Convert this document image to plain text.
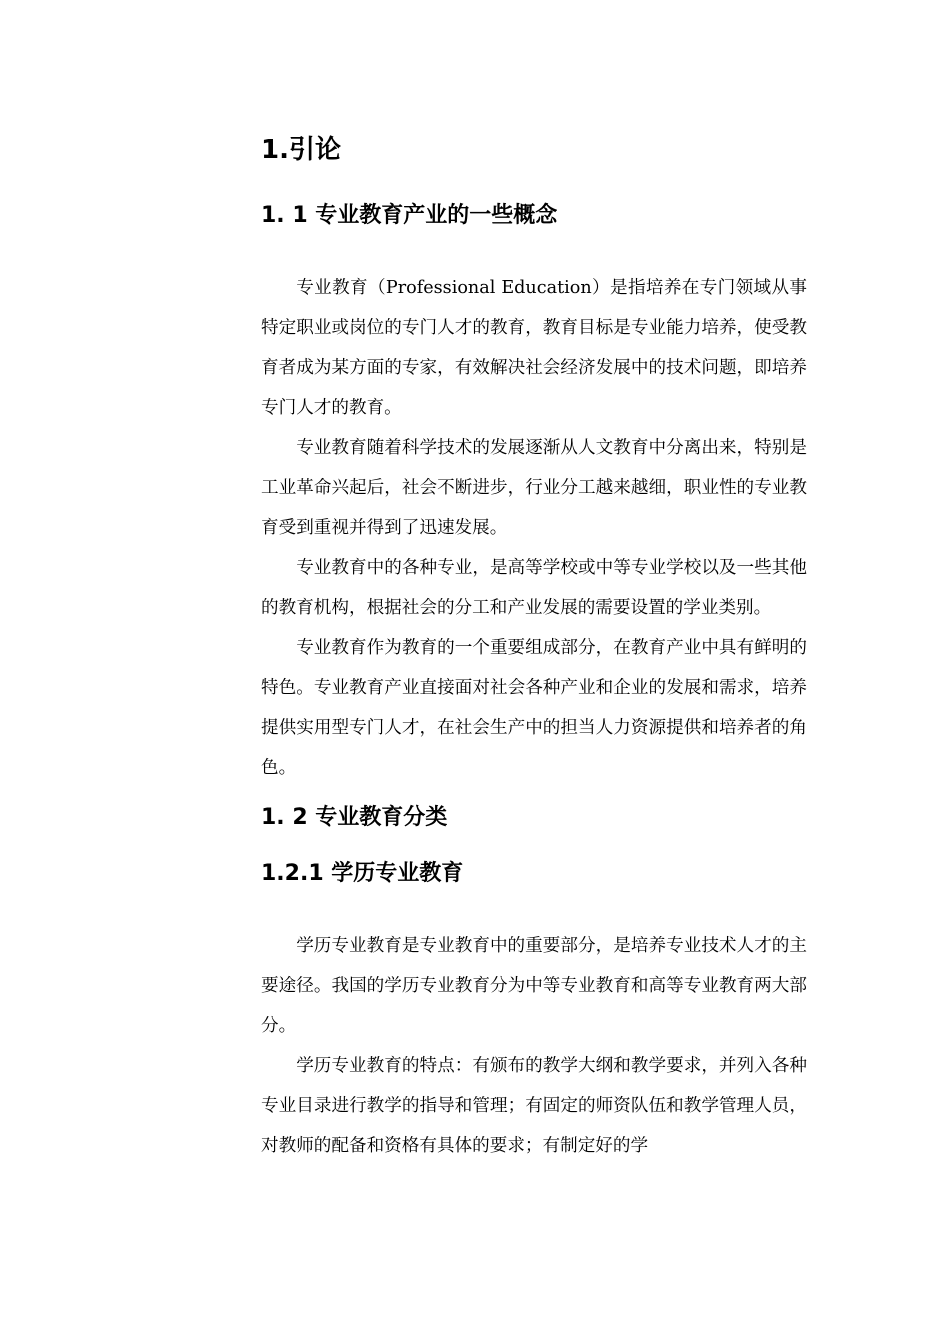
1.引论
1. 1 专业教育产业的一些概念

专业教育（Professional Education）是指培养在专门领域从事特定职业或岗位的专门人才的教育，教育目标是专业能力培养，使受教育者成为某方面的专家，有效解决社会经济发展中的技术问题，即培养专门人才的教育。

专业教育随着科学技术的发展逐渐从人文教育中分离出来，特别是工业革命兴起后，社会不断进步，行业分工越来越细，职业性的专业教育受到重视并得到了迅速发展。

专业教育中的各种专业，是高等学校或中等专业学校以及一些其他的教育机构，根据社会的分工和产业发展的需要设置的学业类别。

专业教育作为教育的一个重要组成部分，在教育产业中具有鲜明的特色。专业教育产业直接面对社会各种产业和企业的发展和需求，培养提供实用型专门人才，在社会生产中的担当人力资源提供和培养者的角色。

1. 2 专业教育分类
1.2.1 学历专业教育

学历专业教育是专业教育中的重要部分，是培养专业技术人才的主要途径。我国的学历专业教育分为中等专业教育和高等专业教育两大部分。

学历专业教育的特点：有颁布的教学大纲和教学要求，并列入各种专业目录进行教学的指导和管理；有固定的师资队伍和教学管理人员，对教师的配备和资格有具体的要求；有制定好的学
